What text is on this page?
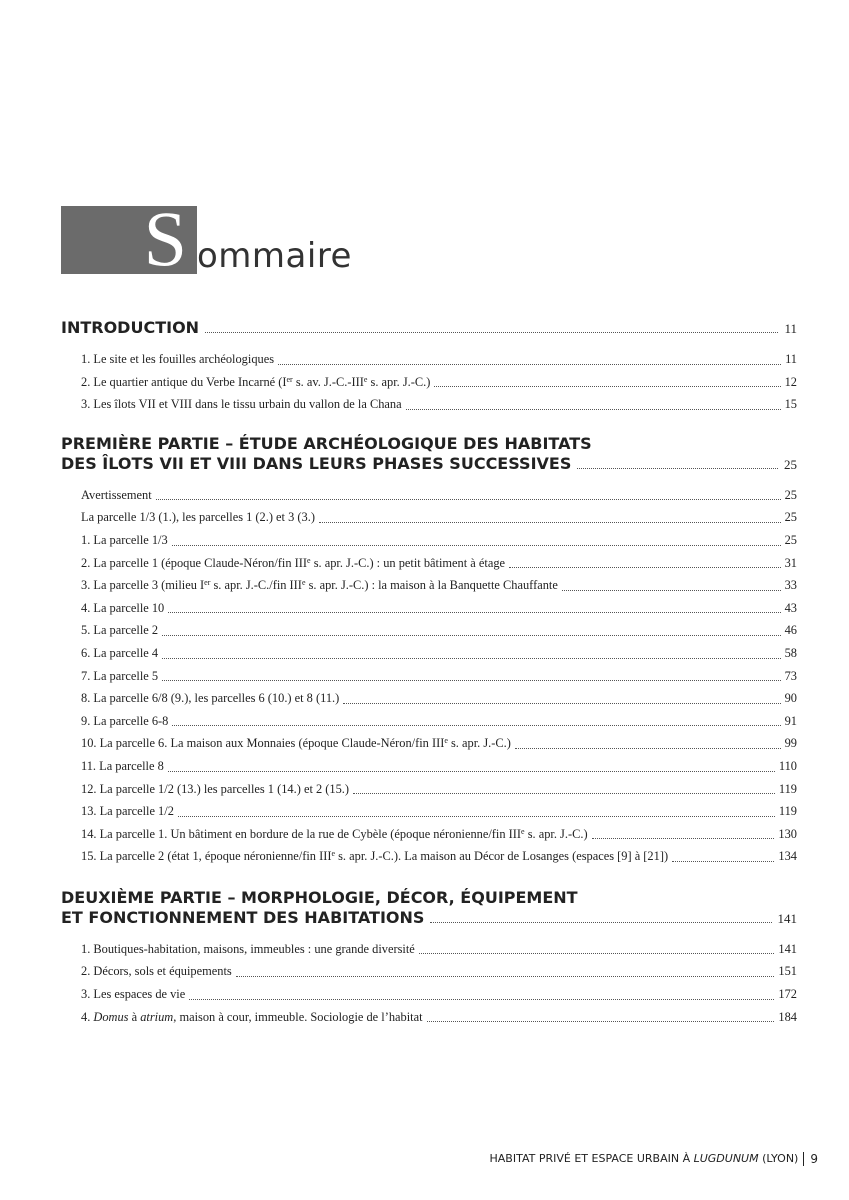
S ommaire
INTRODUCTION	11
1. Le site et les fouilles archéologiques	11
2. Le quartier antique du Verbe Incarné (Ier s. av. J.-C.-IIIe s. apr. J.-C.)	12
3. Les îlots VII et VIII dans le tissu urbain du vallon de la Chana	15
PREMIÈRE PARTIE – ÉTUDE ARCHÉOLOGIQUE DES HABITATS
DES ÎLOTS VII ET VIII DANS LEURS PHASES SUCCESSIVES	25
Avertissement	25
La parcelle 1/3 (1.), les parcelles 1 (2.) et 3 (3.)	25
1. La parcelle 1/3	25
2. La parcelle 1 (époque Claude-Néron/fin IIIe s. apr. J.-C.) : un petit bâtiment à étage	31
3. La parcelle 3 (milieu Ier s. apr. J.-C./fin IIIe s. apr. J.-C.) : la maison à la Banquette Chauffante	33
4. La parcelle 10	43
5. La parcelle 2	46
6. La parcelle 4	58
7. La parcelle 5	73
8. La parcelle 6/8 (9.), les parcelles 6 (10.) et 8 (11.)	90
9. La parcelle 6-8	91
10. La parcelle 6. La maison aux Monnaies (époque Claude-Néron/fin IIIe s. apr. J.-C.)	99
11. La parcelle 8	110
12. La parcelle 1/2 (13.) les parcelles 1 (14.) et 2 (15.)	119
13. La parcelle 1/2	119
14. La parcelle 1. Un bâtiment en bordure de la rue de Cybèle (époque néronienne/fin IIIe s. apr. J.-C.)	130
15. La parcelle 2 (état 1, époque néronienne/fin IIIe s. apr. J.-C.). La maison au Décor de Losanges (espaces [9] à [21])	134
DEUXIÈME PARTIE – MORPHOLOGIE, DÉCOR, ÉQUIPEMENT
ET FONCTIONNEMENT DES HABITATIONS	141
1. Boutiques-habitation, maisons, immeubles : une grande diversité	141
2. Décors, sols et équipements	151
3. Les espaces de vie	172
4. Domus à atrium, maison à cour, immeuble. Sociologie de l’habitat	184
HABITAT PRIVÉ ET ESPACE URBAIN À LUGDUNUM (LYON) 9
